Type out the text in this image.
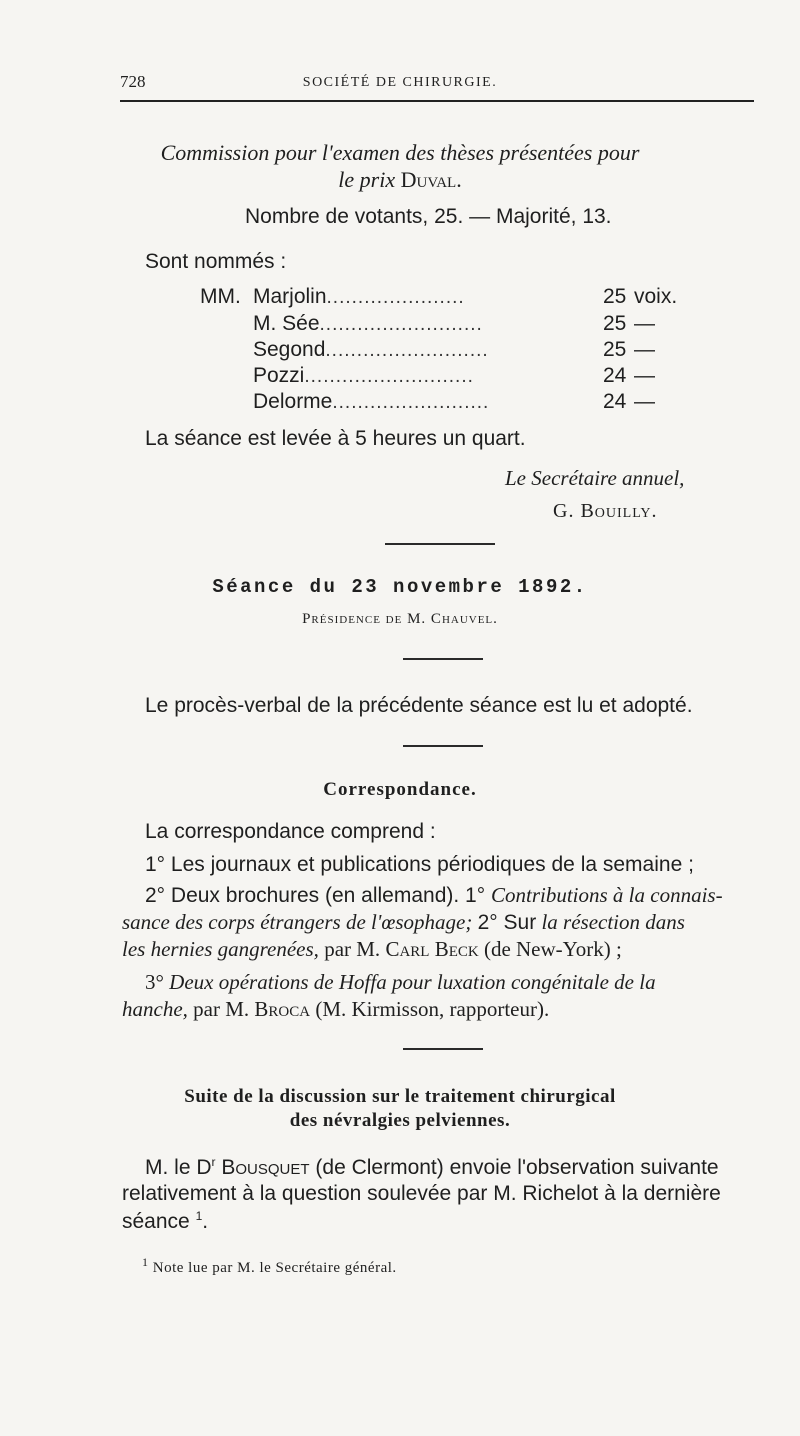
728	SOCIÉTÉ DE CHIRURGIE.
Commission pour l'examen des thèses présentées pour
le prix Duval.
Nombre de votants, 25. — Majorité, 13.
Sont nommés :
MM. Marjolin......................	25 voix.
M. Sée..........................	25 —
Segond..........................	25 —
Pozzi...........................	24 —
Delorme.........................	24 —
La séance est levée à 5 heures un quart.
Le Secrétaire annuel,
G. Bouilly.
Séance du 23 novembre 1892.
Présidence de M. Chauvel.
Le procès-verbal de la précédente séance est lu et adopté.
Correspondance.
La correspondance comprend :
1° Les journaux et publications périodiques de la semaine ;
2° Deux brochures (en allemand). 1° Contributions à la connais-
sance des corps étrangers de l'œsophage; 2° Sur la résection dans
les hernies gangrenées, par M. Carl Beck (de New-York) ;
3° Deux opérations de Hoffa pour luxation congénitale de la
hanche, par M. Broca (M. Kirmisson, rapporteur).
Suite de la discussion sur le traitement chirurgical
des névralgies pelviennes.
M. le $D^r$ Bousquet (de Clermont) envoie l'observation suivante
relativement à la question soulevée par M. Richelot à la dernière
séance $^1$.
$^1$ Note lue par M. le Secrétaire général.
